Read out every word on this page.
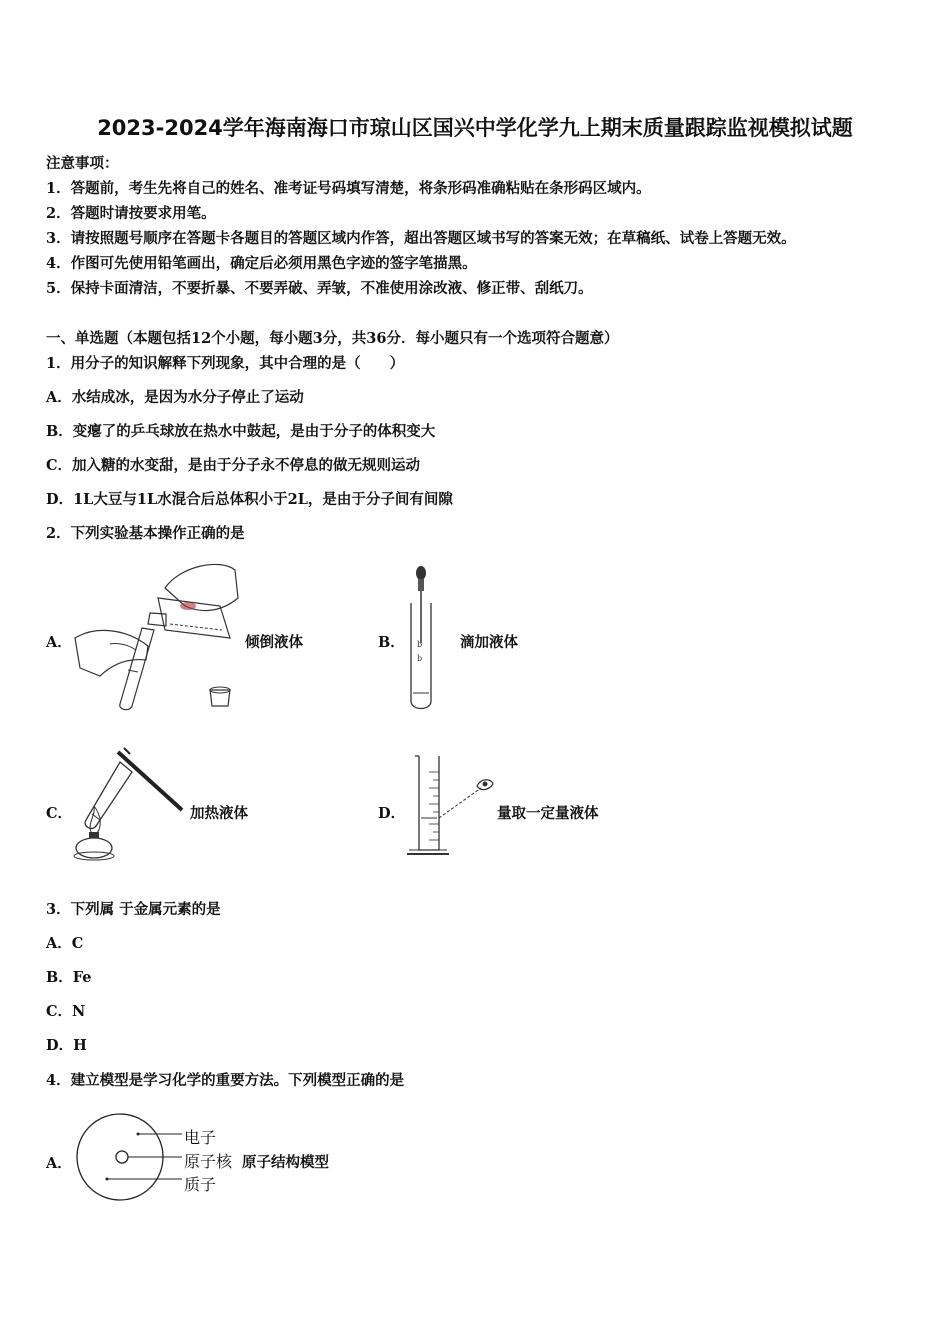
2023-2024学年海南海口市琼山区国兴中学化学九上期末质量跟踪监视模拟试题
注意事项：
1．答题前，考生先将自己的姓名、准考证号码填写清楚，将条形码准确粘贴在条形码区域内。
2．答题时请按要求用笔。
3．请按照题号顺序在答题卡各题目的答题区域内作答，超出答题区域书写的答案无效；在草稿纸、试卷上答题无效。
4．作图可先使用铅笔画出，确定后必须用黑色字迹的签字笔描黑。
5．保持卡面清洁，不要折暴、不要弄破、弄皱，不准使用涂改液、修正带、刮纸刀。
一、单选题（本题包括12个小题，每小题3分，共36分．每小题只有一个选项符合题意）
1．用分子的知识解释下列现象，其中合理的是（　　）
A．水结成冰，是因为水分子停止了运动
B．变瘪了的乒乓球放在热水中鼓起，是由于分子的体积变大
C．加入糖的水变甜，是由于分子永不停息的做无规则运动
D．1L大豆与1L水混合后总体积小于2L，是由于分子间有间隙
2．下列实验基本操作正确的是
A．	倾倒液体	B． b
b
滴加液体
C．	加热液体	D．	量取一定量液体
3．下列属 于金属元素的是
A．C
B．Fe
C．N
D．H
4．建立模型是学习化学的重要方法。下列模型正确的是
A．
电子
原子核
质子
原子结构模型
